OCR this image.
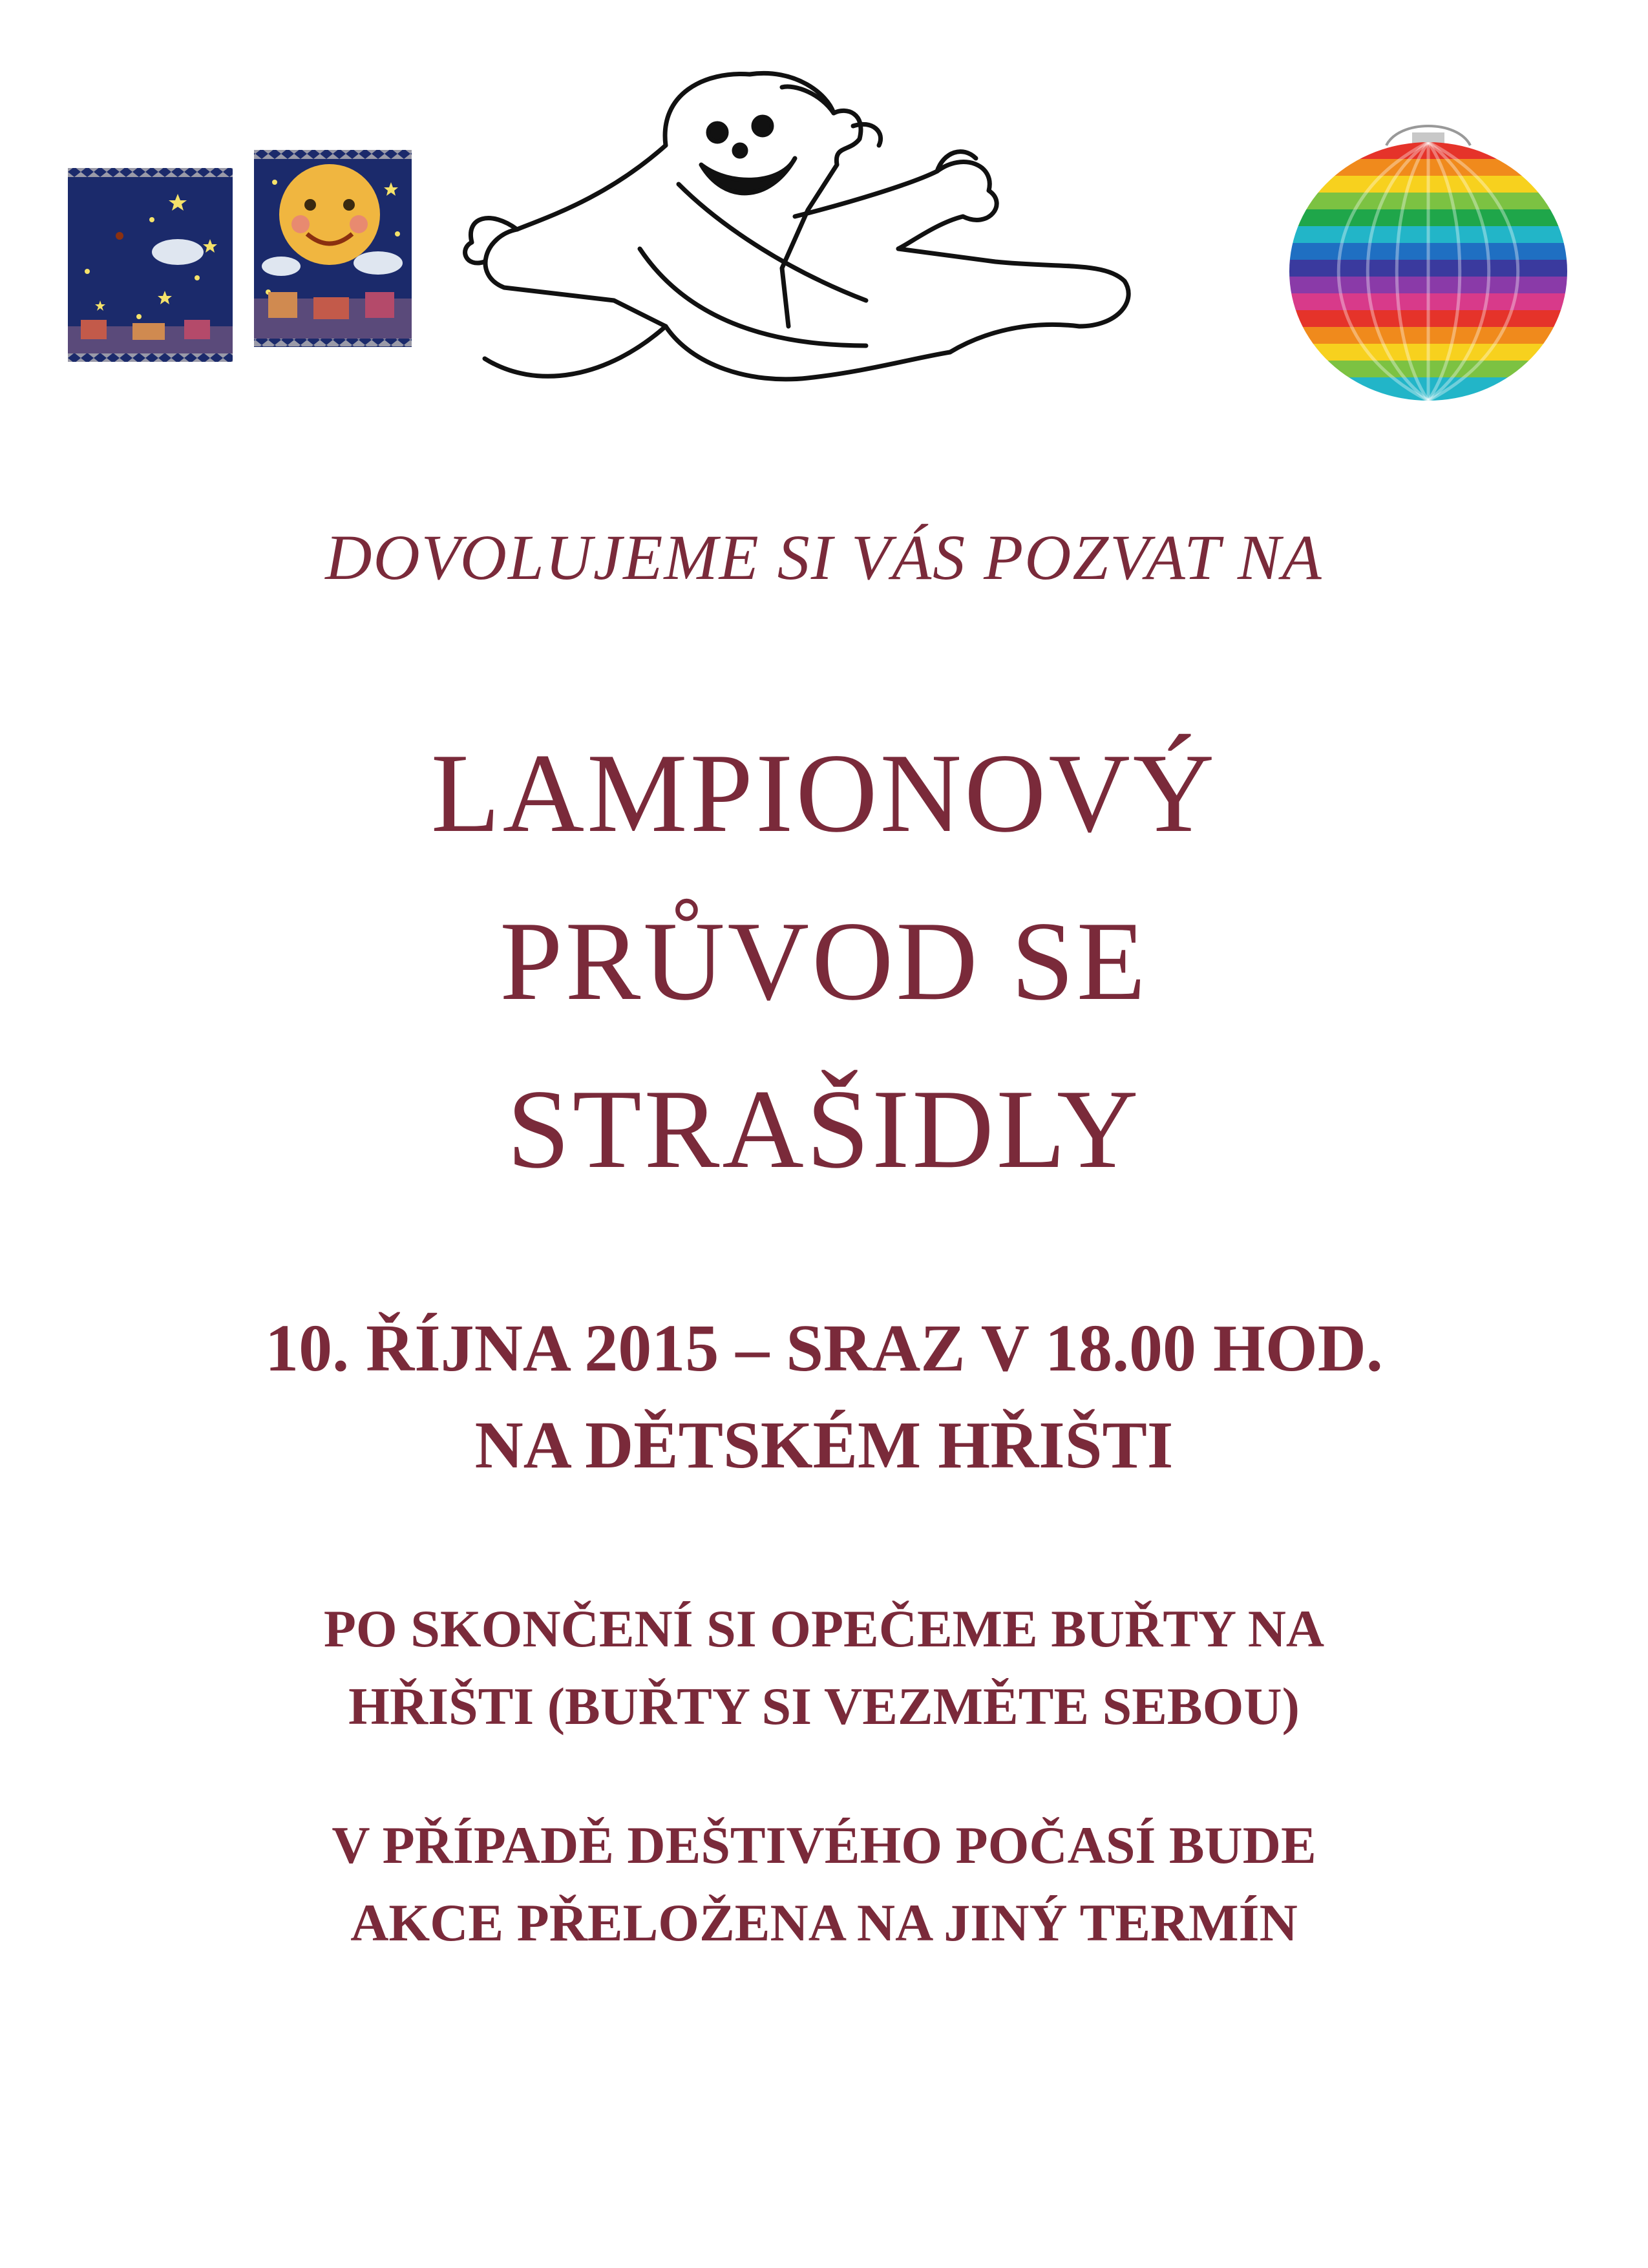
DOVOLUJEME SI VÁS POZVAT NA

LAMPIONOVÝ
PRŮVOD SE
STRAŠIDLY

10. ŘÍJNA 2015 – SRAZ V 18.00 HOD.

NA DĚTSKÉM HŘIŠTI

PO SKONČENÍ SI OPEČEME BUŘTY NA

HŘIŠTI (BUŘTY SI VEZMĚTE SEBOU)

V PŘÍPADĚ DEŠTIVÉHO POČASÍ BUDE

AKCE PŘELOŽENA NA JINÝ TERMÍN
